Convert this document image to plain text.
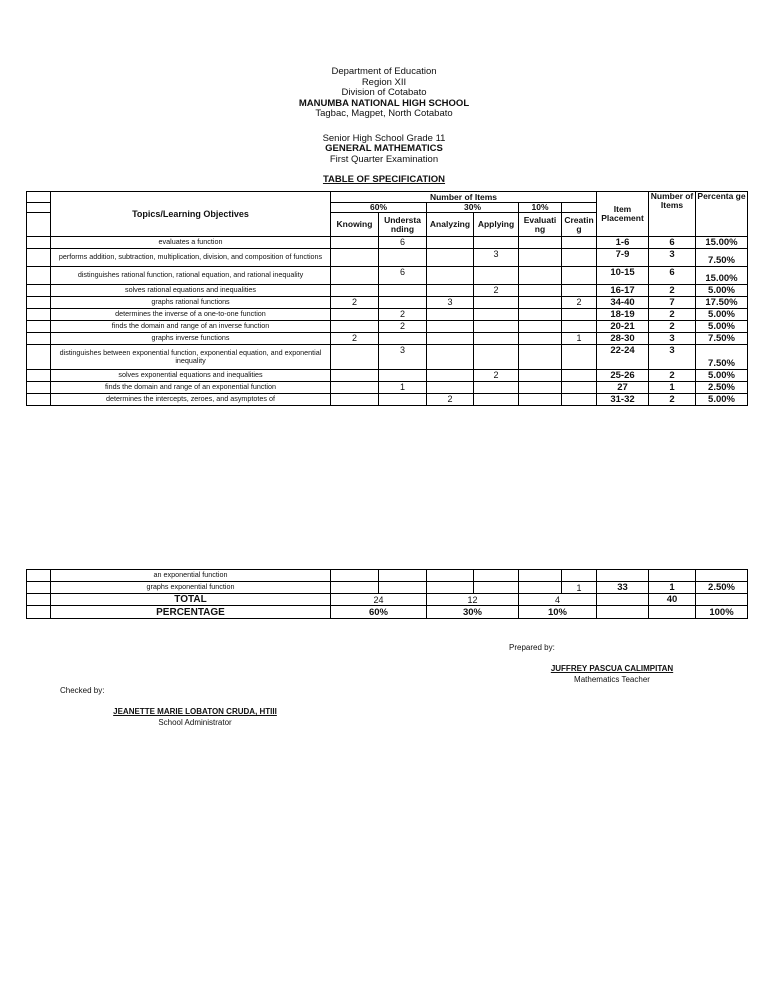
Department of Education
Region XII
Division of Cotabato
MANUMBA NATIONAL HIGH SCHOOL
Tagbac, Magpet, North Cotabato
Senior High School Grade 11
GENERAL MATHEMATICS
First Quarter Examination
TABLE OF SPECIFICATION
	Topics/Learning Objectives	Number of Items						Item Placement	Number of Items	Percenta ge
		60%		30%		10%				
		Knowing	Understa nding	Analyzing	Applying	Evaluati ng	Creatin g			
	evaluates a function		6					1-6	6	15.00%
	performs addition, subtraction, multiplication, division, and composition of functions				3			7-9	3	7.50%
	distinguishes rational function, rational equation, and rational inequality		6					10-15	6	15.00%
	solves rational equations and inequalities				2			16-17	2	5.00%
	graphs rational functions	2		3			2	34-40	7	17.50%
	determines the inverse of a one-to-one function		2					18-19	2	5.00%
	finds the domain and range of an inverse function		2					20-21	2	5.00%
	graphs inverse functions	2					1	28-30	3	7.50%
	distinguishes between exponential function, exponential equation, and exponential inequality		3					22-24	3	7.50%
	solves exponential equations and inequalities				2			25-26	2	5.00%
	finds the domain and range of an exponential function		1					27	1	2.50%
	determines the intercepts, zeroes, and asymptotes of			2				31-32	2	5.00%
	an exponential function									
	graphs exponential function						1	33	1	2.50%
	TOTAL	24		12		4			40	
	PERCENTAGE	60%		30%		10%				100%
Prepared by:
JUFFREY PASCUA CALIMPITAN
Mathematics Teacher
Checked by:
JEANETTE MARIE LOBATON CRUDA, HTIII
School Administrator
